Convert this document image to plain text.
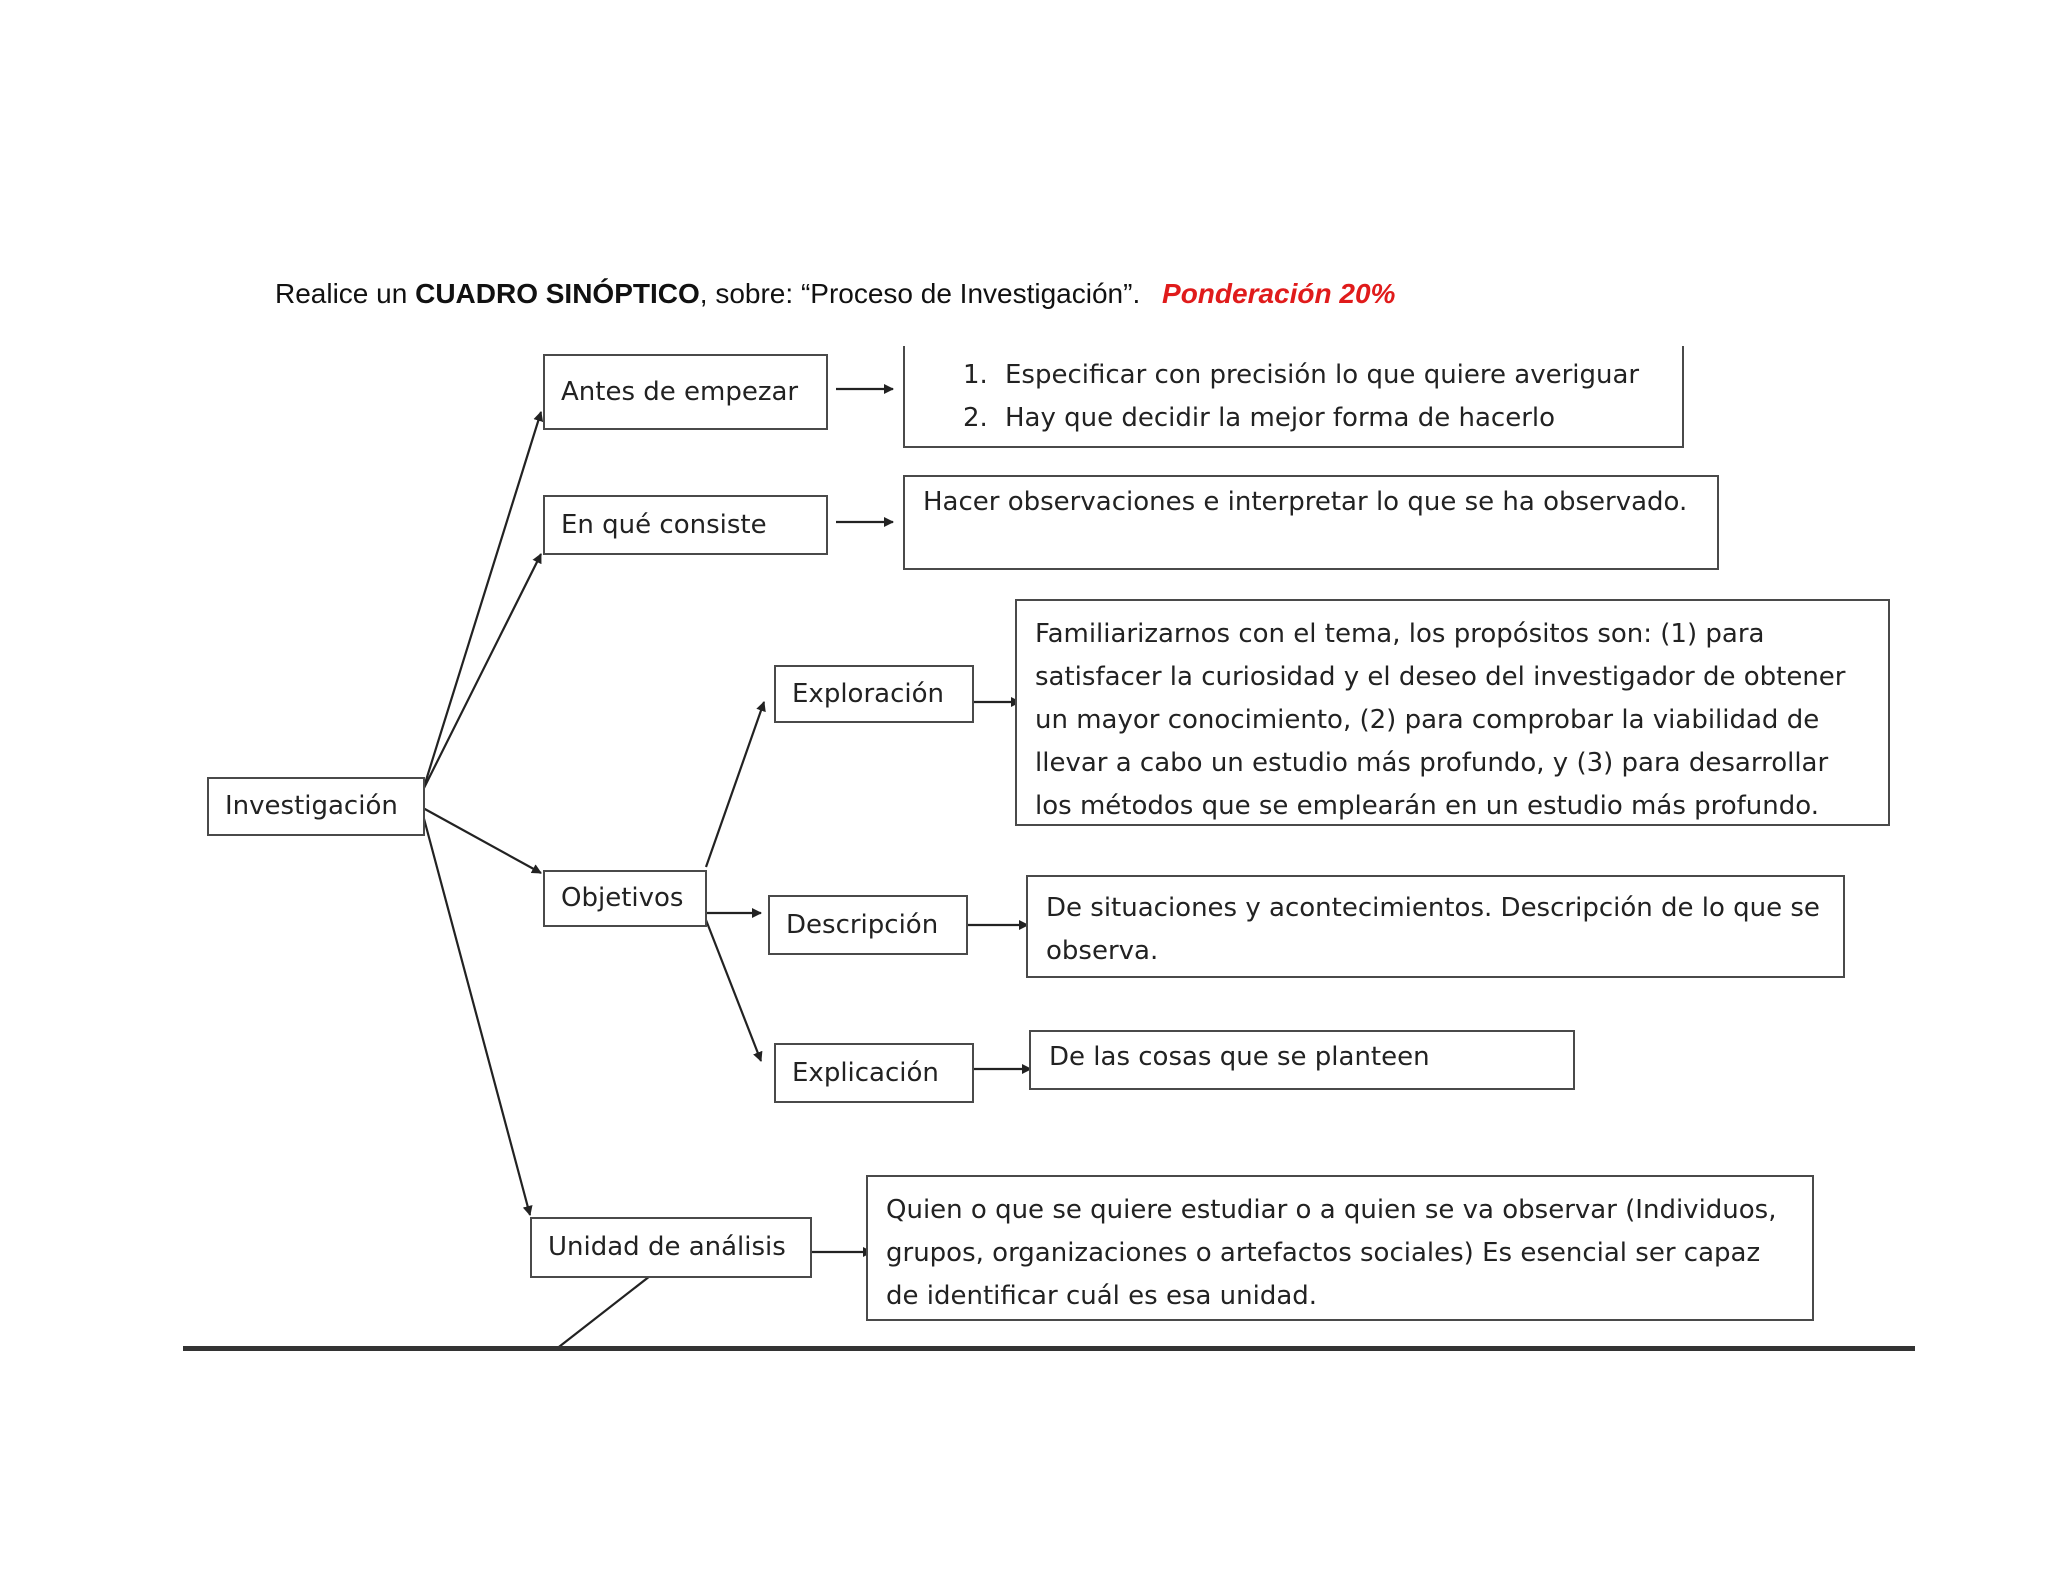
Realice un CUADRO SINÓPTICO, sobre: “Proceso de Investigación”. Ponderación 20%
Investigación
Antes de empezar
En qué consiste
Objetivos
Exploración
Descripción
Explicación
Unidad de análisis
1. Especificar con precisión lo que quiere averiguar
2. Hay que decidir la mejor forma de hacerlo
Hacer observaciones e interpretar lo que se ha observado.
Familiarizarnos con el tema, los propósitos son: (1) para satisfacer la curiosidad y el deseo del investigador de obtener un mayor conocimiento, (2) para comprobar la viabilidad de llevar a cabo un estudio más profundo, y (3) para desarrollar los métodos que se emplearán en un estudio más profundo.
De situaciones y acontecimientos. Descripción de lo que se observa.
De las cosas que se planteen
Quien o que se quiere estudiar o a quien se va observar (Individuos, grupos, organizaciones o artefactos sociales) Es esencial ser capaz de identificar cuál es esa unidad.
